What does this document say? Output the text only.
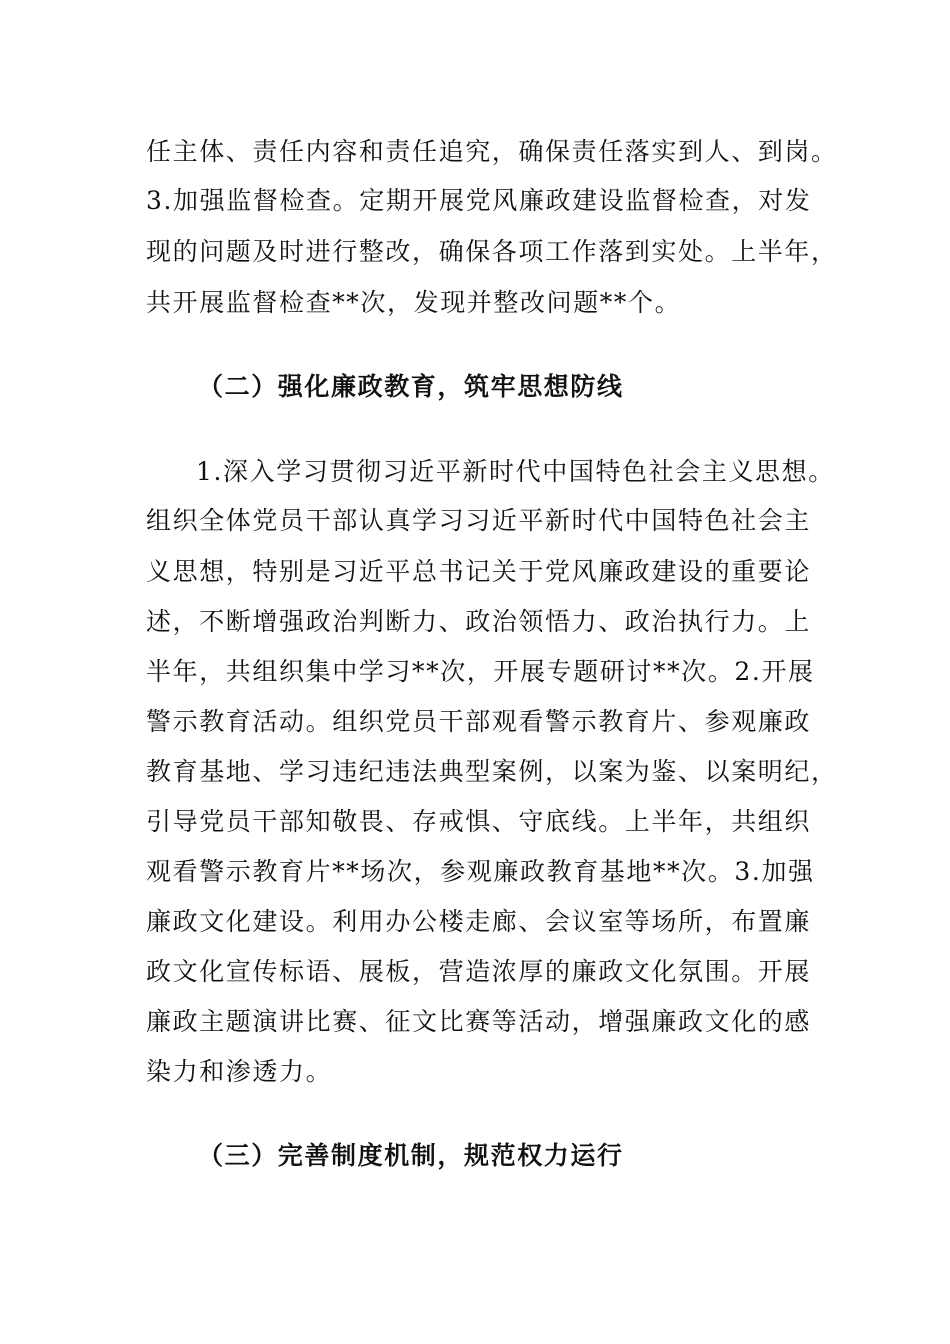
任主体、责任内容和责任追究，确保责任落实到人、到岗。
3.加强监督检查。定期开展党风廉政建设监督检查，对发
现的问题及时进行整改，确保各项工作落到实处。上半年，
共开展监督检查**次，发现并整改问题**个。
（二）强化廉政教育，筑牢思想防线
1.深入学习贯彻习近平新时代中国特色社会主义思想。
组织全体党员干部认真学习习近平新时代中国特色社会主
义思想，特别是习近平总书记关于党风廉政建设的重要论
述，不断增强政治判断力、政治领悟力、政治执行力。上
半年，共组织集中学习**次，开展专题研讨**次。2.开展
警示教育活动。组织党员干部观看警示教育片、参观廉政
教育基地、学习违纪违法典型案例，以案为鉴、以案明纪，
引导党员干部知敬畏、存戒惧、守底线。上半年，共组织
观看警示教育片**场次，参观廉政教育基地**次。3.加强
廉政文化建设。利用办公楼走廊、会议室等场所，布置廉
政文化宣传标语、展板，营造浓厚的廉政文化氛围。开展
廉政主题演讲比赛、征文比赛等活动，增强廉政文化的感
染力和渗透力。
（三）完善制度机制，规范权力运行
